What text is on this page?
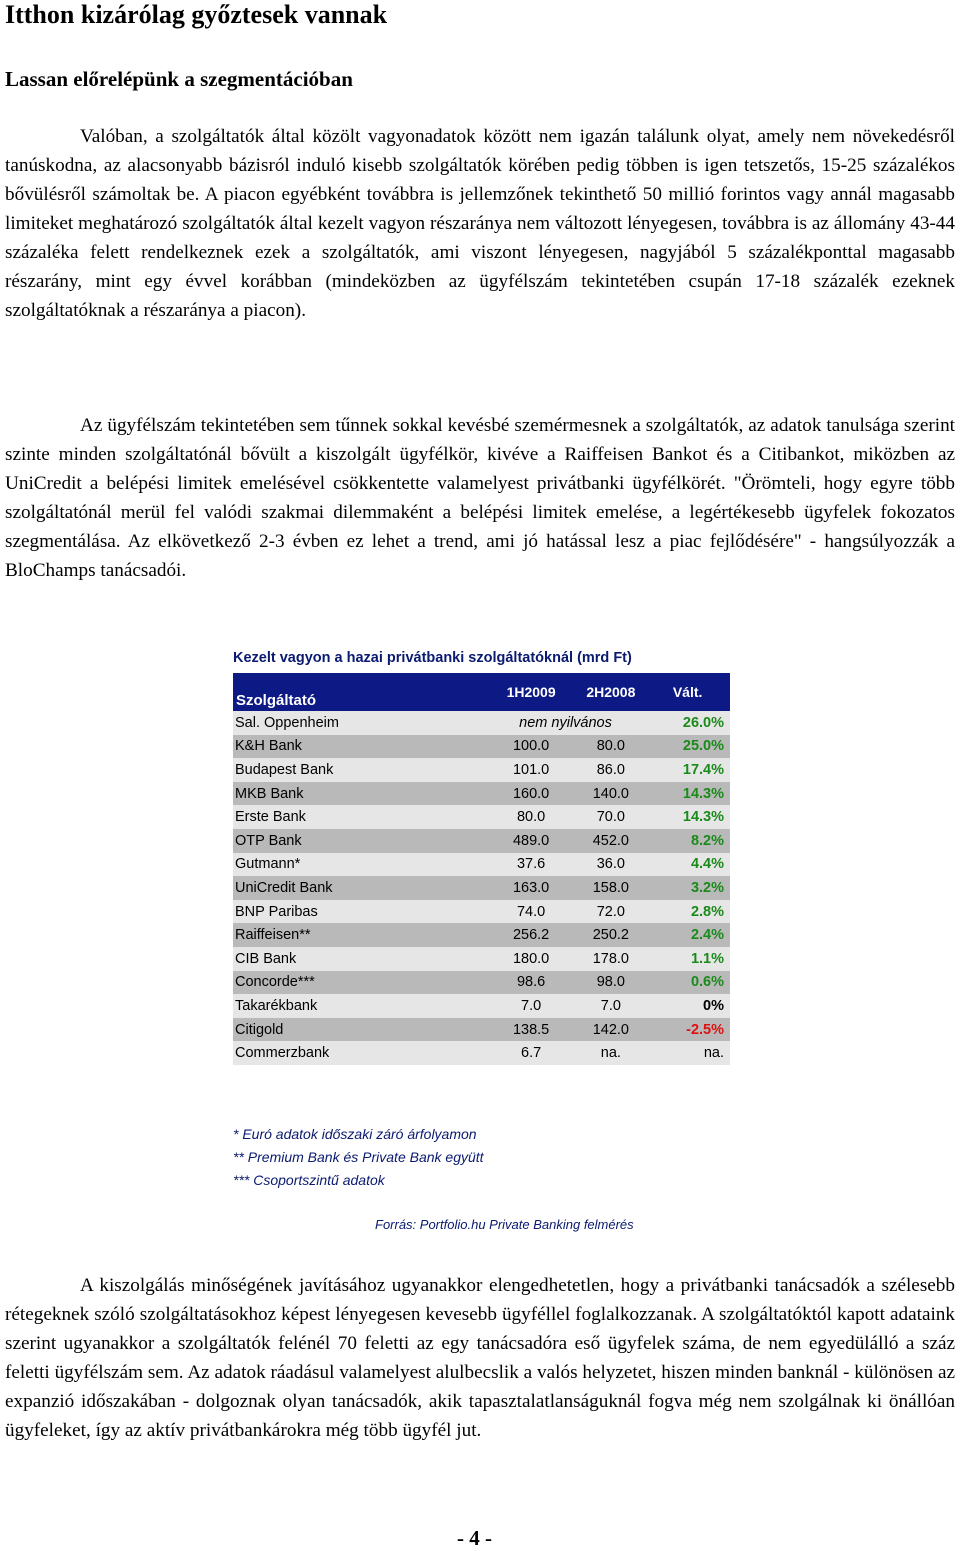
Itthon kizárólag győztesek vannak
Lassan előrelépünk a szegmentációban

Valóban, a szolgáltatók által közölt vagyonadatok között nem igazán találunk olyat, amely nem növekedésről tanúskodna, az alacsonyabb bázisról induló kisebb szolgáltatók körében pedig többen is igen tetszetős, 15-25 százalékos bővülésről számoltak be. A piacon egyébként továbbra is jellemzőnek tekinthető 50 millió forintos vagy annál magasabb limiteket meghatározó szolgáltatók által kezelt vagyon részaránya nem változott lényegesen, továbbra is az állomány 43-44 százaléka felett rendelkeznek ezek a szolgáltatók, ami viszont lényegesen, nagyjából 5 százalékponttal magasabb részarány, mint egy évvel korábban (mindeközben az ügyfélszám tekintetében csupán 17-18 százalék ezeknek szolgáltatóknak a részaránya a piacon).

Az ügyfélszám tekintetében sem tűnnek sokkal kevésbé szemérmesnek a szolgáltatók, az adatok tanulsága szerint szinte minden szolgáltatónál bővült a kiszolgált ügyfélkör, kivéve a Raiffeisen Bankot és a Citibankot, miközben az UniCredit a belépési limitek emelésével csökkentette valamelyest privátbanki ügyfélkörét. "Örömteli, hogy egyre több szolgáltatónál merül fel valódi szakmai dilemmaként a belépési limitek emelése, a legértékesebb ügyfelek fokozatos szegmentálása. Az elkövetkező 2-3 évben ez lehet a trend, ami jó hatással lesz a piac fejlődésére" - hangsúlyozzák a BloChamps tanácsadói.

Kezelt vagyon a hazai privátbanki szolgáltatóknál (mrd Ft)
Szolgáltató	1H2009	2H2008	Vált.
Sal. Oppenheim	nem nyilvános		26.0%
K&H Bank	100.0	80.0	25.0%
Budapest Bank	101.0	86.0	17.4%
MKB Bank	160.0	140.0	14.3%
Erste Bank	80.0	70.0	14.3%
OTP Bank	489.0	452.0	8.2%
Gutmann*	37.6	36.0	4.4%
UniCredit Bank	163.0	158.0	3.2%
BNP Paribas	74.0	72.0	2.8%
Raiffeisen**	256.2	250.2	2.4%
CIB Bank	180.0	178.0	1.1%
Concorde***	98.6	98.0	0.6%
Takarékbank	7.0	7.0	0%
Citigold	138.5	142.0	-2.5%
Commerzbank	6.7	na.	na.
* Euró adatok időszaki záró árfolyamon
** Premium Bank és Private Bank együtt
*** Csoportszintű adatok
Forrás: Portfolio.hu Private Banking felmérés

A kiszolgálás minőségének javításához ugyanakkor elengedhetetlen, hogy a privátbanki tanácsadók a szélesebb rétegeknek szóló szolgáltatásokhoz képest lényegesen kevesebb ügyféllel foglalkozzanak. A szolgáltatóktól kapott adataink szerint ugyanakkor a szolgáltatók felénél 70 feletti az egy tanácsadóra eső ügyfelek száma, de nem egyedülálló a száz feletti ügyfélszám sem. Az adatok ráadásul valamelyest alulbecslik a valós helyzetet, hiszen minden banknál - különösen az expanzió időszakában - dolgoznak olyan tanácsadók, akik tapasztalatlanságuknál fogva még nem szolgálnak ki önállóan ügyfeleket, így az aktív privátbankárokra még több ügyfél jut.

- 4 -
